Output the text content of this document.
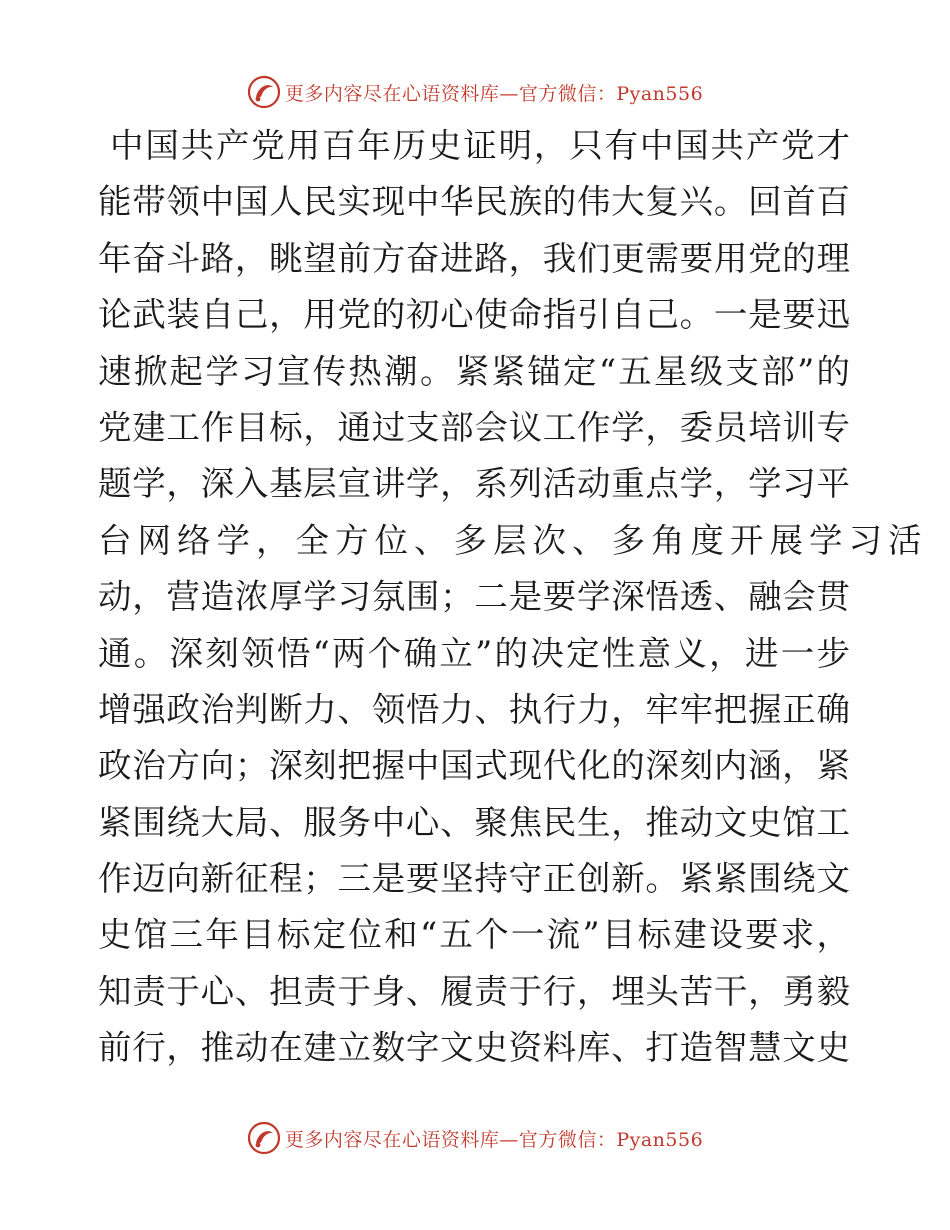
更多内容尽在心语资料库—官方微信：Pyan556
中国共产党用百年历史证明，只有中国共产党才
能带领中国人民实现中华民族的伟大复兴。回首百
年奋斗路，眺望前方奋进路，我们更需要用党的理
论武装自己，用党的初心使命指引自己。一是要迅
速掀起学习宣传热潮。紧紧锚定“五星级支部”的
党建工作目标，通过支部会议工作学，委员培训专
题学，深入基层宣讲学，系列活动重点学，学习平
台网络学，全方位、多层次、多角度开展学习活
动，营造浓厚学习氛围；二是要学深悟透、融会贯
通。深刻领悟“两个确立”的决定性意义，进一步
增强政治判断力、领悟力、执行力，牢牢把握正确
政治方向；深刻把握中国式现代化的深刻内涵，紧
紧围绕大局、服务中心、聚焦民生，推动文史馆工
作迈向新征程；三是要坚持守正创新。紧紧围绕文
史馆三年目标定位和“五个一流”目标建设要求，
知责于心、担责于身、履责于行，埋头苦干，勇毅
前行，推动在建立数字文史资料库、打造智慧文史
更多内容尽在心语资料库—官方微信：Pyan556
